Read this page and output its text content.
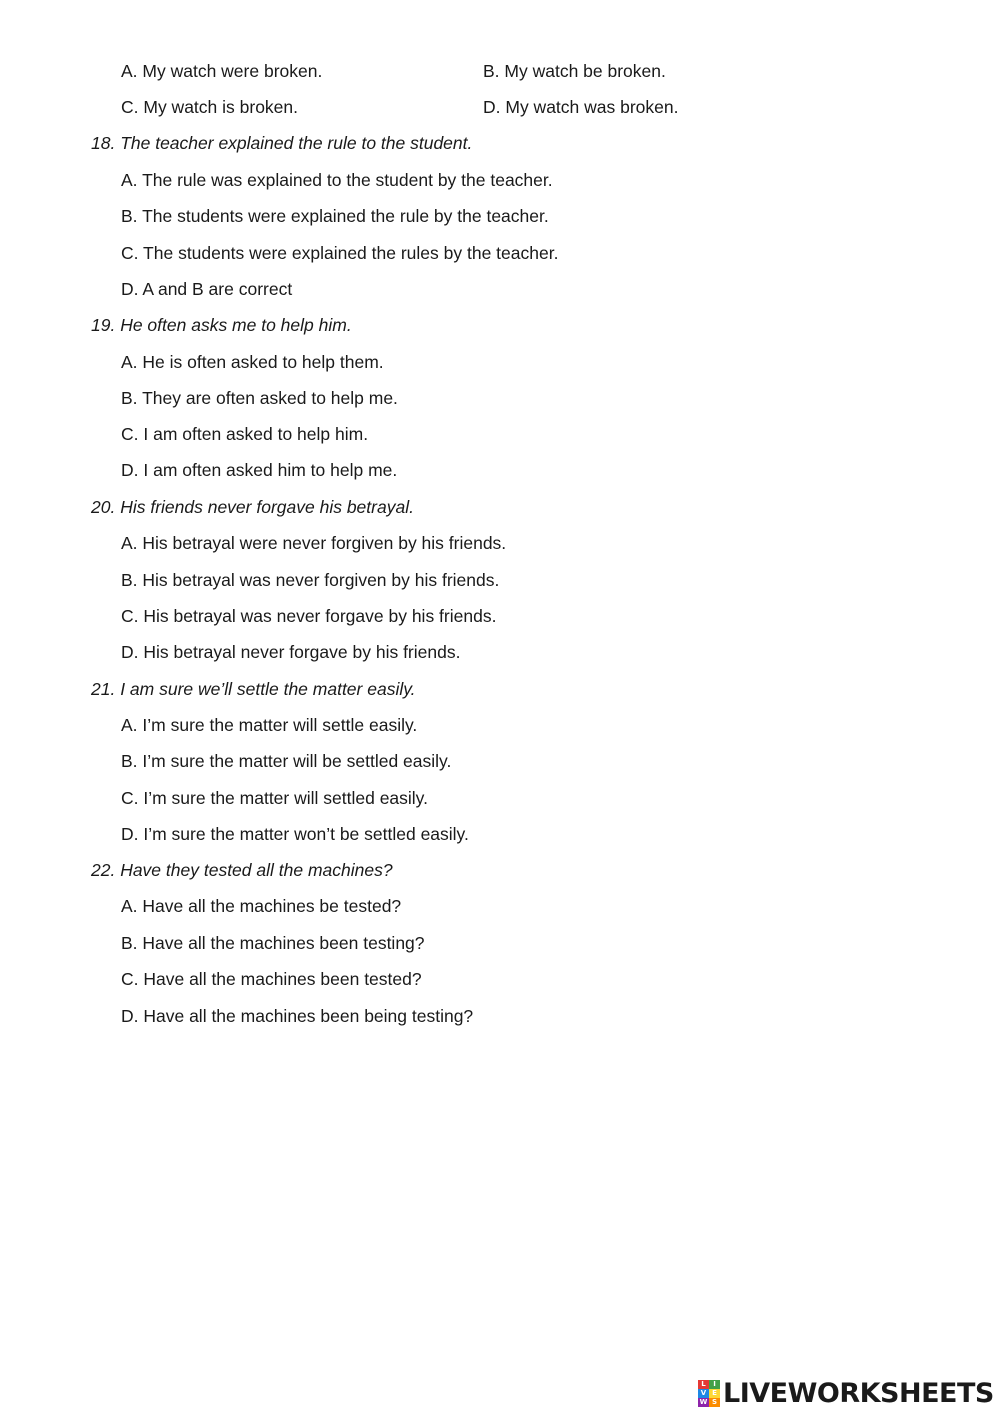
A. My watch were broken.	B. My watch be broken.
C. My watch is broken.	D. My watch was broken.
18. The teacher explained the rule to the student.
A. The rule was explained to the student by the teacher.
B. The students were explained the rule by the teacher.
C. The students were explained the rules by the teacher.
D. A and B are correct
19. He often asks me to help him.
A. He is often asked to help them.
B. They are often asked to help me.
C. I am often asked to help him.
D. I am often asked him to help me.
20. His friends never forgave his betrayal.
A. His betrayal were never forgiven by his friends.
B. His betrayal was never forgiven by his friends.
C. His betrayal was never forgave by his friends.
D. His betrayal never forgave by his friends.
21. I am sure we’ll settle the matter easily.
A. I’m sure the matter will settle easily.
B. I’m sure the matter will be settled easily.
C. I’m sure the matter will settled easily.
D. I’m sure the matter won’t be settled easily.
22. Have they tested all the machines?
A. Have all the machines be tested?
B. Have all the machines been testing?
C. Have all the machines been tested?
D. Have all the machines been being testing?
L	I
V E
W S LIVEWORKSHEETS
